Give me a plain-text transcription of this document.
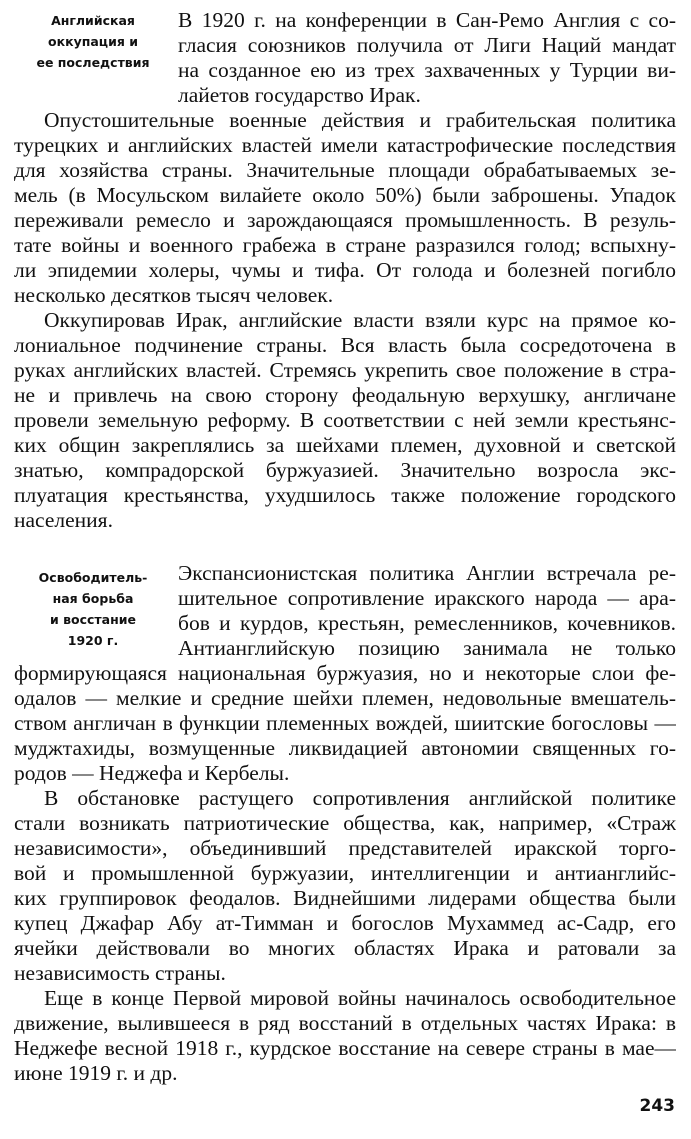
Английская
оккупация и
ее последствия
В 1920 г. на конференции в Сан-Ремо Англия с со-
гласия союзников получила от Лиги Наций мандат
на созданное ею из трех захваченных у Турции ви-
лайетов государство Ирак.
Опустошительные военные действия и грабительская политика
турецких и английских властей имели катастрофические последствия
для хозяйства страны. Значительные площади обрабатываемых зе-
мель (в Мосульском вилайете около 50%) были заброшены. Упадок
переживали ремесло и зарождающаяся промышленность. В резуль-
тате войны и военного грабежа в стране разразился голод; вспыхну-
ли эпидемии холеры, чумы и тифа. От голода и болезней погибло
несколько десятков тысяч человек.
Оккупировав Ирак, английские власти взяли курс на прямое ко-
лониальное подчинение страны. Вся власть была сосредоточена в
руках английских властей. Стремясь укрепить свое положение в стра-
не и привлечь на свою сторону феодальную верхушку, англичане
провели земельную реформу. В соответствии с ней земли крестьянс-
ких общин закреплялись за шейхами племен, духовной и светской
знатью, компрадорской буржуазией. Значительно возросла экс-
плуатация крестьянства, ухудшилось также положение городского
населения.
Освободитель-
ная борьба
и восстание
1920 г.
Экспансионистская политика Англии встречала ре-
шительное сопротивление иракского народа — ара-
бов и курдов, крестьян, ремесленников, кочевников.
Антианглийскую позицию занимала не только
формирующаяся национальная буржуазия, но и некоторые слои фе-
одалов — мелкие и средние шейхи племен, недовольные вмешатель-
ством англичан в функции племенных вождей, шиитские богословы —
муджтахиды, возмущенные ликвидацией автономии священных го-
родов — Неджефа и Кербелы.
В обстановке растущего сопротивления английской политике
стали возникать патриотические общества, как, например, «Страж
независимости», объединивший представителей иракской торго-
вой и промышленной буржуазии, интеллигенции и антианглийс-
ких группировок феодалов. Виднейшими лидерами общества были
купец Джафар Абу ат-Тимман и богослов Мухаммед ас-Садр, его
ячейки действовали во многих областях Ирака и ратовали за
независимость страны.
Еще в конце Первой мировой войны начиналось освободительное
движение, вылившееся в ряд восстаний в отдельных частях Ирака: в
Неджефе весной 1918 г., курдское восстание на севере страны в мае—
июне 1919 г. и др.
243
